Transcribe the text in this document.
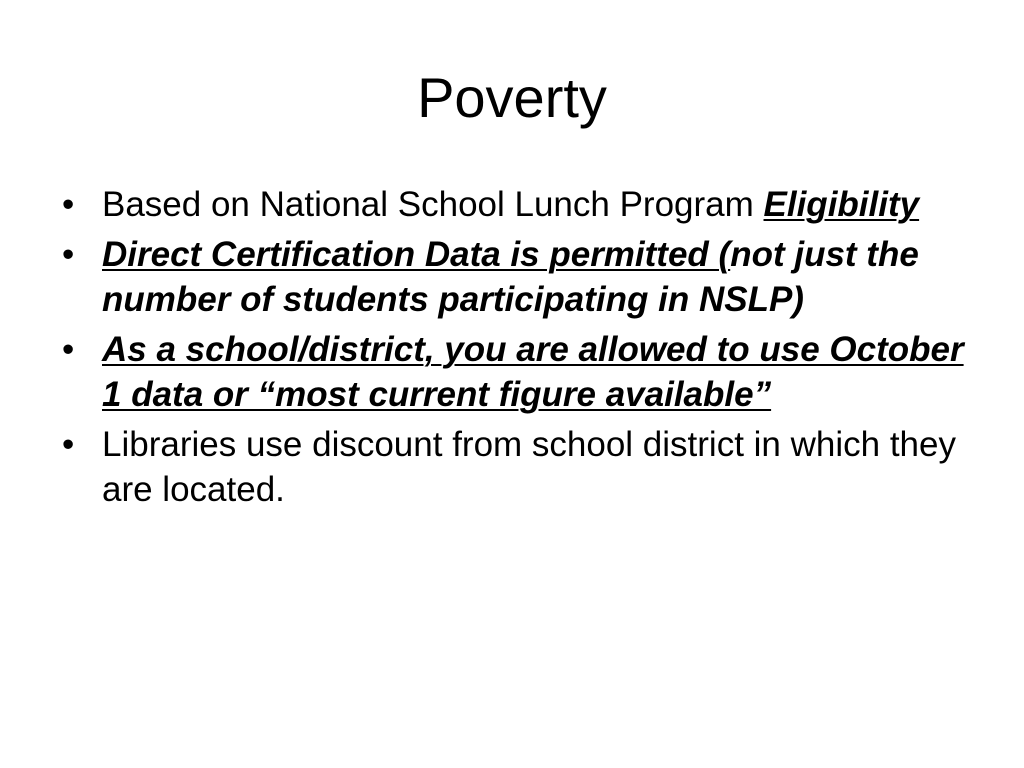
Poverty
• Based on National School Lunch Program Eligibility
• Direct Certification Data is permitted (not just the number of students participating in NSLP)
• As a school/district, you are allowed to use October 1 data or “most current figure available”
• Libraries use discount from school district in which they are located.
